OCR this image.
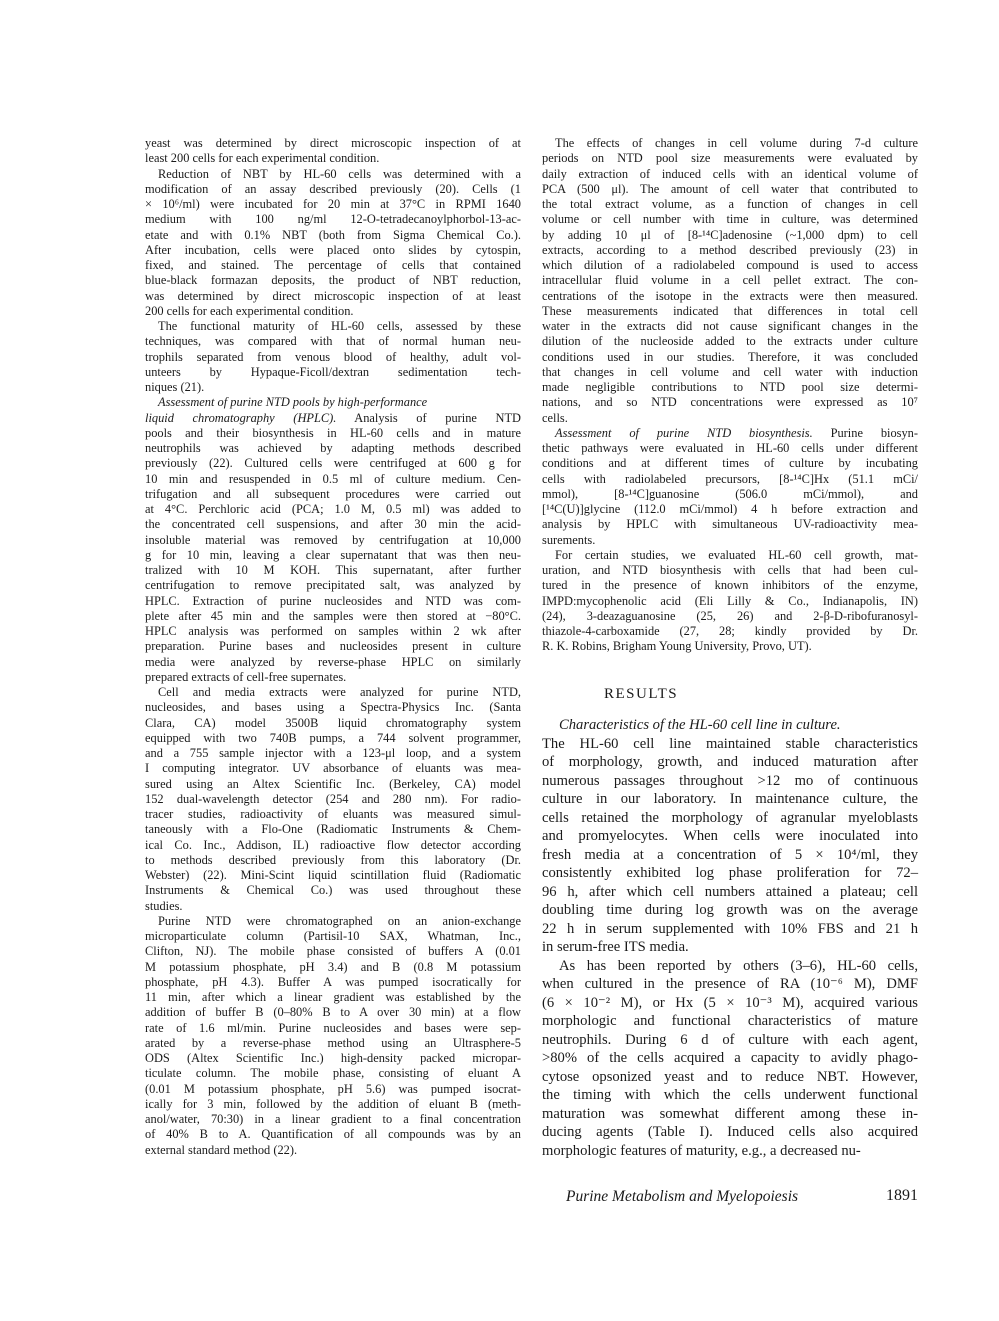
yeast was determined by direct microscopic inspection of at
least 200 cells for each experimental condition.
Reduction of NBT by HL-60 cells was determined with a
modification of an assay described previously (20). Cells (1
× 10⁶/ml) were incubated for 20 min at 37°C in RPMI 1640
medium with 100 ng/ml 12-O-tetradecanoylphorbol-13-ac-
etate and with 0.1% NBT (both from Sigma Chemical Co.).
After incubation, cells were placed onto slides by cytospin,
fixed, and stained. The percentage of cells that contained
blue-black formazan deposits, the product of NBT reduction,
was determined by direct microscopic inspection of at least
200 cells for each experimental condition.
The functional maturity of HL-60 cells, assessed by these
techniques, was compared with that of normal human neu-
trophils separated from venous blood of healthy, adult vol-
unteers by Hypaque-Ficoll/dextran sedimentation tech-
niques (21).
Assessment of purine NTD pools by high-performance
liquid chromatography (HPLC). Analysis of purine NTD
pools and their biosynthesis in HL-60 cells and in mature
neutrophils was achieved by adapting methods described
previously (22). Cultured cells were centrifuged at 600 g for
10 min and resuspended in 0.5 ml of culture medium. Cen-
trifugation and all subsequent procedures were carried out
at 4°C. Perchloric acid (PCA; 1.0 M, 0.5 ml) was added to
the concentrated cell suspensions, and after 30 min the acid-
insoluble material was removed by centrifugation at 10,000
g for 10 min, leaving a clear supernatant that was then neu-
tralized with 10 M KOH. This supernatant, after further
centrifugation to remove precipitated salt, was analyzed by
HPLC. Extraction of purine nucleosides and NTD was com-
plete after 45 min and the samples were then stored at −80°C.
HPLC analysis was performed on samples within 2 wk after
preparation. Purine bases and nucleosides present in culture
media were analyzed by reverse-phase HPLC on similarly
prepared extracts of cell-free supernates.
Cell and media extracts were analyzed for purine NTD,
nucleosides, and bases using a Spectra-Physics Inc. (Santa
Clara, CA) model 3500B liquid chromatography system
equipped with two 740B pumps, a 744 solvent programmer,
and a 755 sample injector with a 123-μl loop, and a system
I computing integrator. UV absorbance of eluants was mea-
sured using an Altex Scientific Inc. (Berkeley, CA) model
152 dual-wavelength detector (254 and 280 nm). For radio-
tracer studies, radioactivity of eluants was measured simul-
taneously with a Flo-One (Radiomatic Instruments & Chem-
ical Co. Inc., Addison, IL) radioactive flow detector according
to methods described previously from this laboratory (Dr.
Webster) (22). Mini-Scint liquid scintillation fluid (Radiomatic
Instruments & Chemical Co.) was used throughout these
studies.
Purine NTD were chromatographed on an anion-exchange
microparticulate column (Partisil-10 SAX, Whatman, Inc.,
Clifton, NJ). The mobile phase consisted of buffers A (0.01
M potassium phosphate, pH 3.4) and B (0.8 M potassium
phosphate, pH 4.3). Buffer A was pumped isocratically for
11 min, after which a linear gradient was established by the
addition of buffer B (0–80% B to A over 30 min) at a flow
rate of 1.6 ml/min. Purine nucleosides and bases were sep-
arated by a reverse-phase method using an Ultrasphere-5
ODS (Altex Scientific Inc.) high-density packed micropar-
ticulate column. The mobile phase, consisting of eluant A
(0.01 M potassium phosphate, pH 5.6) was pumped isocrat-
ically for 3 min, followed by the addition of eluant B (meth-
anol/water, 70:30) in a linear gradient to a final concentration
of 40% B to A. Quantification of all compounds was by an
external standard method (22).
The effects of changes in cell volume during 7-d culture
periods on NTD pool size measurements were evaluated by
daily extraction of induced cells with an identical volume of
PCA (500 μl). The amount of cell water that contributed to
the total extract volume, as a function of changes in cell
volume or cell number with time in culture, was determined
by adding 10 μl of [8-¹⁴C]adenosine (~1,000 dpm) to cell
extracts, according to a method described previously (23) in
which dilution of a radiolabeled compound is used to access
intracellular fluid volume in a cell pellet extract. The con-
centrations of the isotope in the extracts were then measured.
These measurements indicated that differences in total cell
water in the extracts did not cause significant changes in the
dilution of the nucleoside added to the extracts under culture
conditions used in our studies. Therefore, it was concluded
that changes in cell volume and cell water with induction
made negligible contributions to NTD pool size determi-
nations, and so NTD concentrations were expressed as 10⁷
cells.
Assessment of purine NTD biosynthesis. Purine biosyn-
thetic pathways were evaluated in HL-60 cells under different
conditions and at different times of culture by incubating
cells with radiolabeled precursors, [8-¹⁴C]Hx (51.1 mCi/
mmol), [8-¹⁴C]guanosine (506.0 mCi/mmol), and
[¹⁴C(U)]glycine (112.0 mCi/mmol) 4 h before extraction and
analysis by HPLC with simultaneous UV-radioactivity mea-
surements.
For certain studies, we evaluated HL-60 cell growth, mat-
uration, and NTD biosynthesis with cells that had been cul-
tured in the presence of known inhibitors of the enzyme,
IMPD:mycophenolic acid (Eli Lilly & Co., Indianapolis, IN)
(24), 3-deazaguanosine (25, 26) and 2-β-D-ribofuranosyl-
thiazole-4-carboxamide (27, 28; kindly provided by Dr.
R. K. Robins, Brigham Young University, Provo, UT).
RESULTS
Characteristics of the HL-60 cell line in culture.
The HL-60 cell line maintained stable characteristics
of morphology, growth, and induced maturation after
numerous passages throughout >12 mo of continuous
culture in our laboratory. In maintenance culture, the
cells retained the morphology of agranular myeloblasts
and promyelocytes. When cells were inoculated into
fresh media at a concentration of 5 × 10⁴/ml, they
consistently exhibited log phase proliferation for 72–
96 h, after which cell numbers attained a plateau; cell
doubling time during log growth was on the average
22 h in serum supplemented with 10% FBS and 21 h
in serum-free ITS media.
As has been reported by others (3–6), HL-60 cells,
when cultured in the presence of RA (10⁻⁶ M), DMF
(6 × 10⁻² M), or Hx (5 × 10⁻³ M), acquired various
morphologic and functional characteristics of mature
neutrophils. During 6 d of culture with each agent,
>80% of the cells acquired a capacity to avidly phago-
cytose opsonized yeast and to reduce NBT. However,
the timing with which the cells underwent functional
maturation was somewhat different among these in-
ducing agents (Table I). Induced cells also acquired
morphologic features of maturity, e.g., a decreased nu-
Purine Metabolism and Myelopoiesis	1891
